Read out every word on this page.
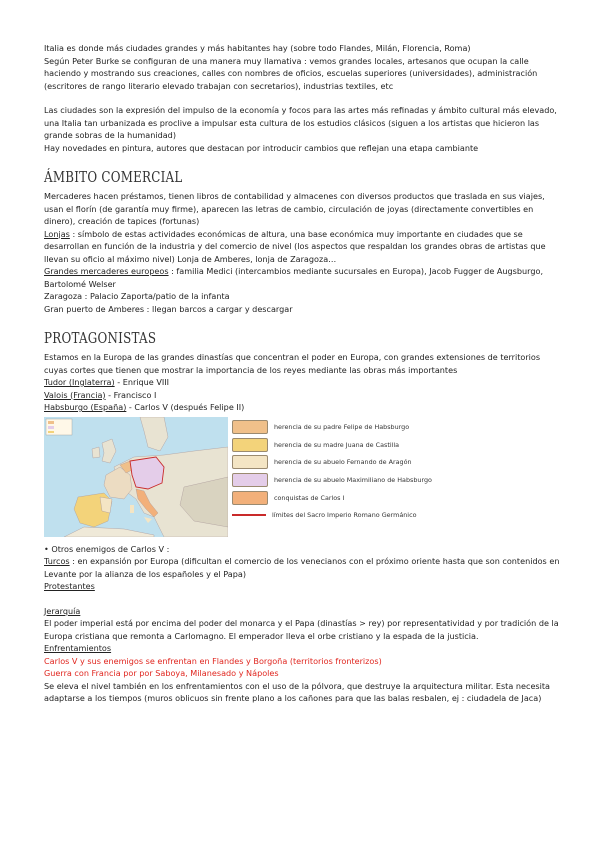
Italia es donde más ciudades grandes y más habitantes hay (sobre todo Flandes, Milán, Florencia, Roma)

Según Peter Burke se configuran de una manera muy llamativa : vemos grandes locales, artesanos que ocupan la calle haciendo y mostrando sus creaciones, calles con nombres de oficios, escuelas superiores (universidades), administración (escritores de rango literario elevado trabajan con secretarios), industrias textiles, etc

Las ciudades son la expresión del impulso de la economía y focos para las artes más refinadas y ámbito cultural más elevado, una Italia tan urbanizada es proclive a impulsar esta cultura de los estudios clásicos (siguen a los artistas que hicieron las grande sobras de la humanidad)

Hay novedades en pintura, autores que destacan por introducir cambios que reflejan una etapa cambiante

ÁMBITO COMERCIAL

Mercaderes hacen préstamos, tienen libros de contabilidad y almacenes con diversos productos que traslada en sus viajes, usan el florín (de garantía muy firme), aparecen las letras de cambio, circulación de joyas (directamente convertibles en dinero), creación de tapices (fortunas)

Lonjas : símbolo de estas actividades económicas de altura, una base económica muy importante en ciudades que se desarrollan en función de la industria y del comercio de nivel (los aspectos que respaldan los grandes obras de artistas que llevan su oficio al máximo nivel) Lonja de Amberes, lonja de Zaragoza…

Grandes mercaderes europeos : familia Medici (intercambios mediante sucursales en Europa), Jacob Fugger de Augsburgo, Bartolomé Welser

Zaragoza : Palacio Zaporta/patio de la infanta

Gran puerto de Amberes : llegan barcos a cargar y descargar

PROTAGONISTAS

Estamos en la Europa de las grandes dinastías que concentran el poder en Europa, con grandes extensiones de territorios cuyas cortes que tienen que mostrar la importancia de los reyes mediante las obras más importantes

Tudor (Inglaterra) - Enrique VIII

Valois (Francia) - Francisco I

Habsburgo (España) - Carlos V (después Felipe II)

herencia de su padre Felipe de Habsburgo
herencia de su madre Juana de Castilla
herencia de su abuelo Fernando de Aragón
herencia de su abuelo Maximiliano de Habsburgo
conquistas de Carlos I
límites del Sacro Imperio Romano Germánico

• Otros enemigos de Carlos V :

Turcos : en expansión por Europa (dificultan el comercio de los venecianos con el próximo oriente hasta que son contenidos en Levante por la alianza de los españoles y el Papa)

Protestantes

Jerarquía

El poder imperial está por encima del poder del monarca y el Papa (dinastías > rey) por representatividad y por tradición de la Europa cristiana que remonta a Carlomagno. El emperador lleva el orbe cristiano y la espada de la justicia.

Enfrentamientos

Carlos V y sus enemigos se enfrentan en Flandes y Borgoña (territorios fronterizos)

Guerra con Francia por por Saboya, Milanesado y Nápoles

Se eleva el nivel también en los enfrentamientos con el uso de la pólvora, que destruye la arquitectura militar. Esta necesita adaptarse a los tiempos (muros oblicuos sin frente plano a los cañones para que las balas resbalen, ej : ciudadela de Jaca)
